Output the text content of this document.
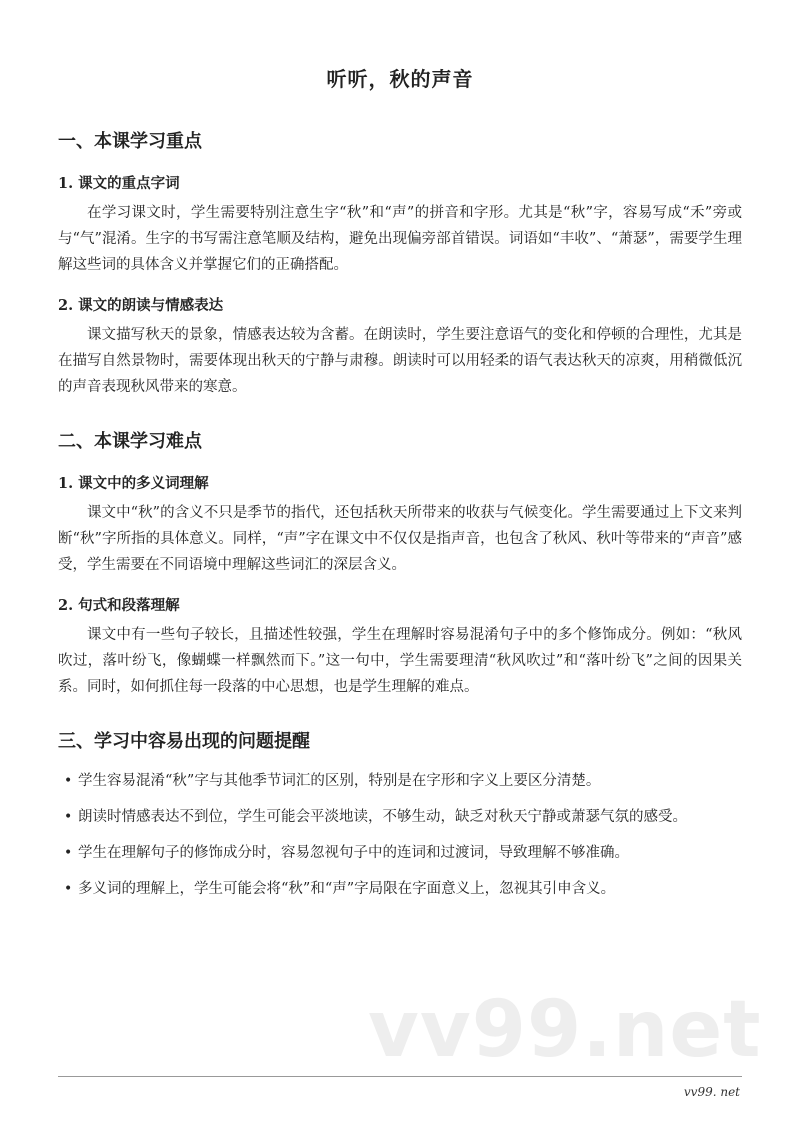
听听，秋的声音
一、本课学习重点
1. 课文的重点字词

在学习课文时，学生需要特别注意生字“秋”和“声”的拼音和字形。尤其是“秋”字，容易写成“禾”旁或与“气”混淆。生字的书写需注意笔顺及结构，避免出现偏旁部首错误。词语如“丰收”、“萧瑟”，需要学生理解这些词的具体含义并掌握它们的正确搭配。

2. 课文的朗读与情感表达

课文描写秋天的景象，情感表达较为含蓄。在朗读时，学生要注意语气的变化和停顿的合理性，尤其是在描写自然景物时，需要体现出秋天的宁静与肃穆。朗读时可以用轻柔的语气表达秋天的凉爽，用稍微低沉的声音表现秋风带来的寒意。

二、本课学习难点
1. 课文中的多义词理解

课文中“秋”的含义不只是季节的指代，还包括秋天所带来的收获与气候变化。学生需要通过上下文来判断“秋”字所指的具体意义。同样，“声”字在课文中不仅仅是指声音，也包含了秋风、秋叶等带来的“声音”感受，学生需要在不同语境中理解这些词汇的深层含义。

2. 句式和段落理解

课文中有一些句子较长，且描述性较强，学生在理解时容易混淆句子中的多个修饰成分。例如：“秋风吹过，落叶纷飞，像蝴蝶一样飘然而下。”这一句中，学生需要理清“秋风吹过”和“落叶纷飞”之间的因果关系。同时，如何抓住每一段落的中心思想，也是学生理解的难点。

三、学习中容易出现的问题提醒
• 学生容易混淆“秋”字与其他季节词汇的区别，特别是在字形和字义上要区分清楚。
• 朗读时情感表达不到位，学生可能会平淡地读，不够生动，缺乏对秋天宁静或萧瑟气氛的感受。
• 学生在理解句子的修饰成分时，容易忽视句子中的连词和过渡词，导致理解不够准确。
• 多义词的理解上，学生可能会将“秋”和“声”字局限在字面意义上，忽视其引申含义。
vv99.net
vv99. net
